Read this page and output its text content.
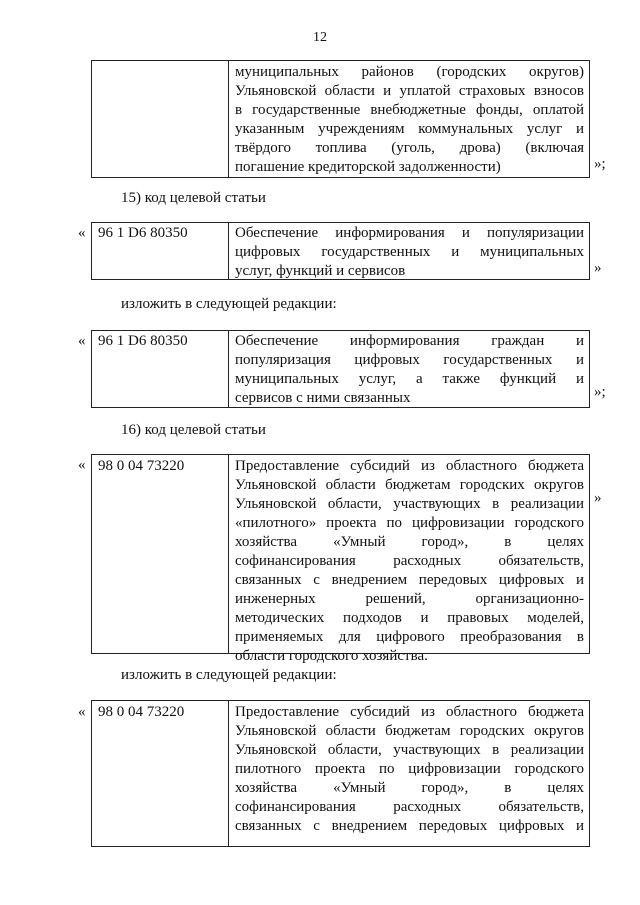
12
муниципальных районов (городских округов)
Ульяновской области и уплатой страховых взносов
в государственные внебюджетные фонды, оплатой
указанным учреждениям коммунальных услуг и
твёрдого топлива (уголь, дрова) (включая
погашение кредиторской задолженности)	»;
15) код целевой статьи
« 96 1 D6 80350	Обеспечение информирования и популяризации
цифровых государственных и муниципальных
услуг, функций и сервисов	»
изложить в следующей редакции:
« 96 1 D6 80350	Обеспечение информирования граждан и
популяризация цифровых государственных и
муниципальных услуг, а также функций и
сервисов с ними связанных	»;
16) код целевой статьи
« 98 0 04 73220	Предоставление субсидий из областного бюджета
Ульяновской области бюджетам городских округов
Ульяновской области, участвующих в реализации
«пилотного» проекта по цифровизации городского
хозяйства «Умный город», в целях
софинансирования расходных обязательств,
связанных с внедрением передовых цифровых и
инженерных решений, организационно-
методических подходов и правовых моделей,
применяемых для цифрового преобразования в
области городского хозяйства.
»
изложить в следующей редакции:
« 98 0 04 73220	Предоставление субсидий из областного бюджета
Ульяновской области бюджетам городских округов
Ульяновской области, участвующих в реализации
пилотного проекта по цифровизации городского
хозяйства «Умный город», в целях
софинансирования расходных обязательств,
связанных с внедрением передовых цифровых и
